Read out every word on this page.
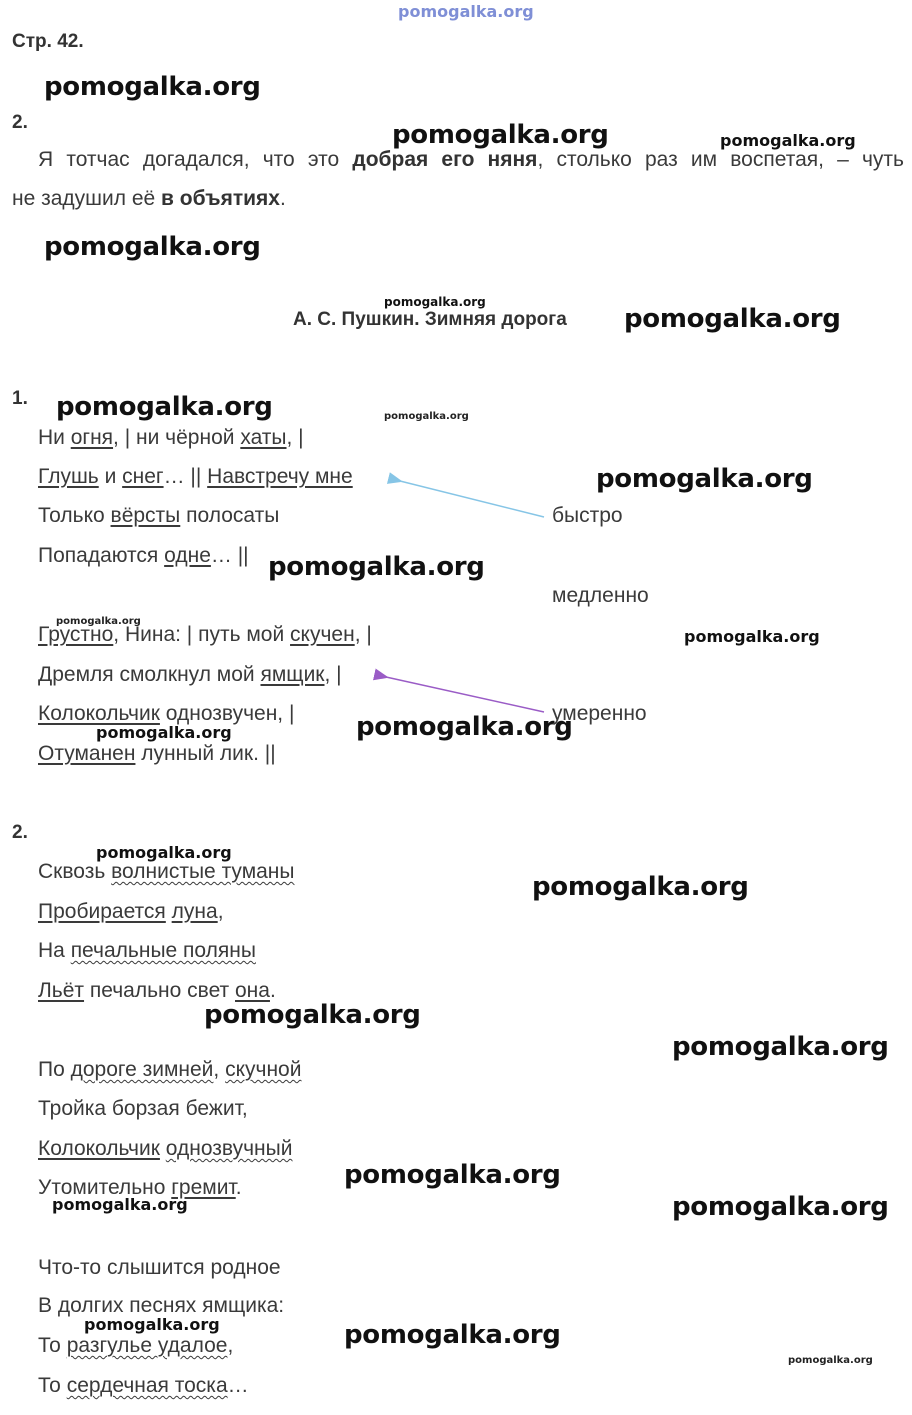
pomogalka.org
Стр. 42.
pomogalka.org
pomogalka.org	pomogalka.org
2.
Я тотчас догадался, что это добрая его няня, столько раз им воспетая, – чуть
не задушил её в объятиях.
pomogalka.org
pomogalka.org
А. С. Пушкин. Зимняя дорога pomogalka.org
1. pomogalka.org	pomogalka.org
Ни огня, | ни чёрной хаты, |
Глушь и снег… || Навстречу мне
Только вёрсты полосаты
Попадаются одне… ||
pomogalka.org
быстро
pomogalka.org
медленно
pomogalka.org
Грустно, Нина: | путь мой скучен, |	pomogalka.org
Дремля смолкнул мой ямщик, |
Колокольчик однозвучен, |
pomogalka.org	pomogalka.org
умеренно
Отуманен лунный лик. ||
2.
pomogalka.org
Сквозь волнистые туманы
pomogalka.org
Пробирается луна,
На печальные поляны
Льёт печально свет она.
pomogalka.org
pomogalka.org
По дороге зимней, скучной
Тройка борзая бежит,
Колокольчик однозвучный
pomogalka.org
Утомительно гремит.
pomogalka.org	pomogalka.org
Что-то слышится родное
В долгих песнях ямщика:
pomogalka.org	pomogalka.org
То разгулье удалое,
pomogalka.org
То сердечная тоска…
